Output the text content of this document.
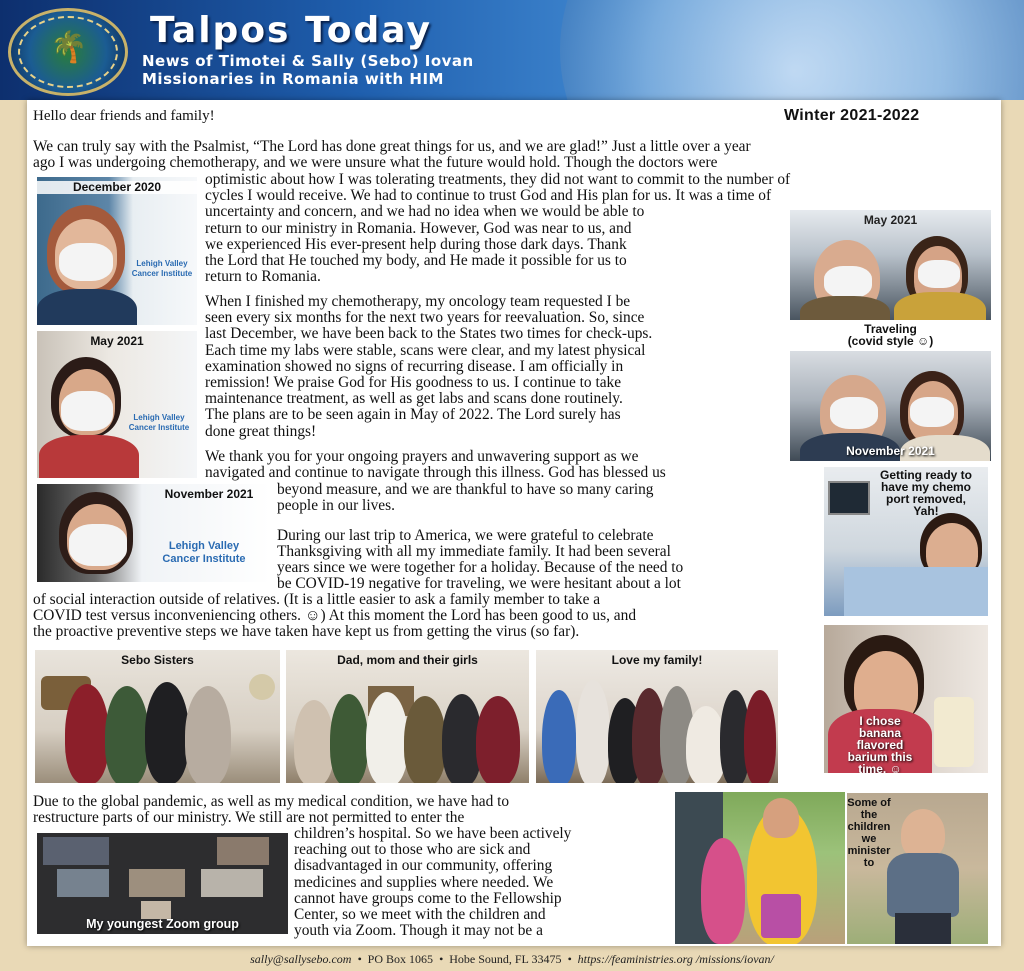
🌴 Talpos Today
News of Timotei & Sally (Sebo) Iovan
Missionaries in Romania with HIM
Hello dear friends and family!	Winter 2021-2022

We can truly say with the Psalmist, “The Lord has done great things for us, and we are glad!” Just a little over a year

ago I was undergoing chemotherapy, and we were unsure what the future would hold. Though the doctors were

optimistic about how I was tolerating treatments, they did not want to commit to the number of
cycles I would receive. We had to continue to trust God and His plan for us. It was a time of
uncertainty and concern, and we had no idea when we would be able to
return to our ministry in Romania. However, God was near to us, and
we experienced His ever-present help during those dark days. Thank
the Lord that He touched my body, and He made it possible for us to
return to Romania.
When I finished my chemotherapy, my oncology team requested I be
seen every six months for the next two years for reevaluation. So, since
last December, we have been back to the States two times for check-ups.
Each time my labs were stable, scans were clear, and my latest physical
examination showed no signs of recurring disease. I am officially in
remission! We praise God for His goodness to us. I continue to take
maintenance treatment, as well as get labs and scans done routinely.
The plans are to be seen again in May of 2022. The Lord surely has
done great things!

We thank you for your ongoing prayers and unwavering support as we

navigated and continue to navigate through this illness. God has blessed us

beyond measure, and we are thankful to have so many caring

people in our lives.

During our last trip to America, we were grateful to celebrate

Thanksgiving with all my immediate family. It had been several

years since we were together for a holiday. Because of the need to

be COVID-19 negative for traveling, we were hesitant about a lot

of social interaction outside of relatives. (It is a little easier to ask a family member to take a

COVID test versus inconveniencing others. ☺) At this moment the Lord has been good to us, and

the proactive preventive steps we have taken have kept us from getting the virus (so far).

Due to the global pandemic, as well as my medical condition, we have had to

restructure parts of our ministry. We still are not permitted to enter the

children’s hospital. So we have been actively
reaching out to those who are sick and
disadvantaged in our community, offering
medicines and supplies where needed. We
cannot have groups come to the Fellowship
Center, so we meet with the children and
youth via Zoom. Though it may not be a
Lehigh Valley
Cancer Institute
December 2020
Lehigh Valley
Cancer Institute
May 2021
Lehigh Valley
Cancer Institute
November 2021
May 2021
Traveling
(covid style ☺)
November 2021
Getting ready to
have my chemo
port removed,
Yah!
I chose
banana
flavored
barium this
time. ☺
Sebo Sisters	Dad, mom and their girls	Love my family!
My youngest Zoom group
Some of
the
children
we
minister
to
sally@sallysebo.com  •  PO Box 1065  •  Hobe Sound, FL 33475  •  https://feaministries.org /missions/iovan/
